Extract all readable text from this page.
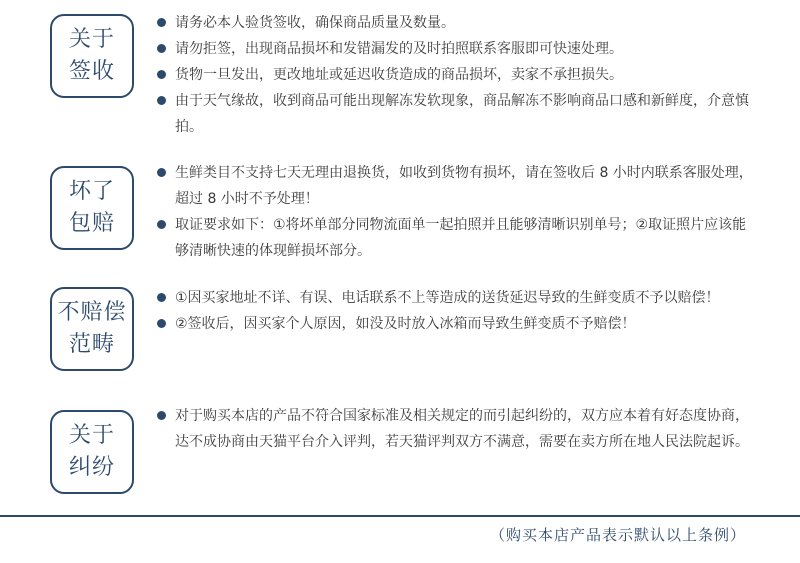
关于
签收
请务必本人验货签收，确保商品质量及数量。
请勿拒签，出现商品损坏和发错漏发的及时拍照联系客服即可快速处理。
货物一旦发出，更改地址或延迟收货造成的商品损坏，卖家不承担损失。
由于天气缘故，收到商品可能出现解冻发软现象，商品解冻不影响商品口感和新鲜度，介意慎拍。
坏了
包赔
生鲜类目不支持七天无理由退换货，如收到货物有损坏，请在签收后 8 小时内联系客服处理，超过 8 小时不予处理！
取证要求如下：①将坏单部分同物流面单一起拍照并且能够清晰识别单号；②取证照片应该能够清晰快速的体现鲜损坏部分。
不赔偿
范畴
①因买家地址不详、有误、电话联系不上等造成的送货延迟导致的生鲜变质不予以赔偿！
②签收后，因买家个人原因，如没及时放入冰箱而导致生鲜变质不予赔偿！
关于
纠纷
对于购买本店的产品不符合国家标准及相关规定的而引起纠纷的，双方应本着有好态度协商，达不成协商由天猫平台介入评判，若天猫评判双方不满意，需要在卖方所在地人民法院起诉。
（购买本店产品表示默认以上条例）
